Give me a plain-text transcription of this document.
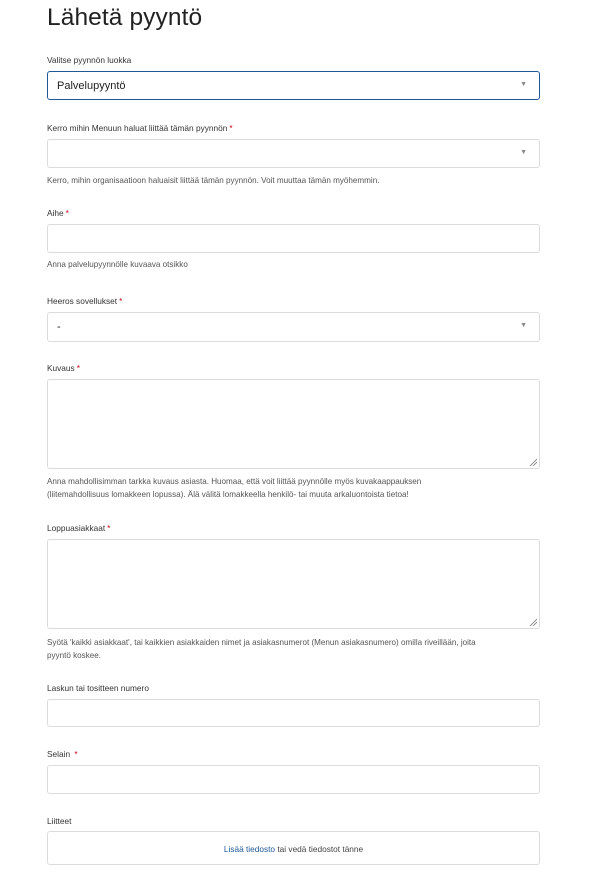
Lähetä pyyntö
Valitse pyynnön luokka
Palvelupyyntö	▼
Kerro mihin Menuun haluat liittää tämän pyynnön *
▼
Kerro, mihin organisaatioon haluaisit liittää tämän pyynnön. Voit muuttaa tämän myöhemmin.
Aihe *
Anna palvelupyynnölle kuvaava otsikko
Heeros sovellukset *
-	▼
Kuvaus *
Anna mahdollisimman tarkka kuvaus asiasta. Huomaa, että voit liittää pyynnölle myös kuvakaappauksen
(liitemahdollisuus lomakkeen lopussa). Älä välitä lomakkeella henkilö- tai muuta arkaluontoista tietoa!
Loppuasiakkaat *
Syötä 'kaikki asiakkaat', tai kaikkien asiakkaiden nimet ja asiakasnumerot (Menun asiakasnumero) omilla riveillään, joita
pyyntö koskee.
Laskun tai tositteen numero
Selain *
Liitteet
Lisää tiedosto tai vedä tiedostot tänne
